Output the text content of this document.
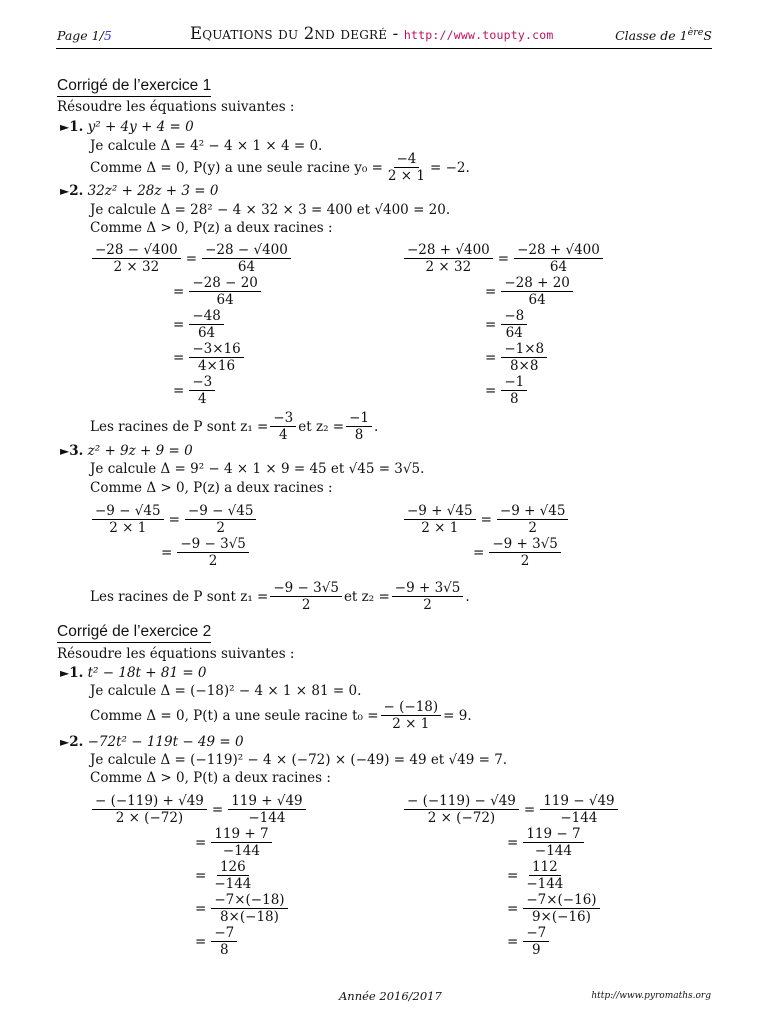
Page 1/5	Equations du 2nd degré - http://www.toupty.com	Classe de 1èreS
Corrigé de l’exercice 1
Résoudre les équations suivantes :
►1. y² + 4y + 4 = 0
Je calcule Δ = 4² − 4 × 1 × 4 = 0.
Comme Δ = 0, P(y) a une seule racine $y_0 = \frac{-4}{2 \times 1} = -2$.
►2. 32z² + 28z + 3 = 0
Je calcule Δ = 28² − 4 × 32 × 3 = 400 et √400 = 20.
Comme Δ > 0, P(z) a deux racines :
$\frac{-28 - √400}{2 \times 32} = \frac{-28 - √400}{64}$
= $\frac{-28 - 20}{64}$
= $\frac{-48}{64}$
= $\frac{-3\times 16}{4\times 16}$
= $\frac{-3}{4}$
$\frac{-28 + √400}{2 \times 32} = \frac{-28 + √400}{64}$
= $\frac{-28 + 20}{64}$
= $\frac{-8}{64}$
= $\frac{-1\times 8}{8\times 8}$
= $\frac{-1}{8}$
Les racines de P sont $z_1 = \frac{-3}{4}$ et $z_2 = \frac{-1}{8}$ .
►3. z² + 9z + 9 = 0
Je calcule Δ = 9² − 4 × 1 × 9 = 45 et √45 = 3√5.
Comme Δ > 0, P(z) a deux racines :
$\frac{-9 - √45}{2 \times 1} = \frac{-9 - √45}{2}$
= $\frac{-9 - 3√5}{2}$
$\frac{-9 + √45}{2 \times 1} = \frac{-9 + √45}{2}$
= $\frac{-9 + 3√5}{2}$
Les racines de P sont $z_1 = \frac{-9 - 3√5}{2}$ et $z_2 = \frac{-9 + 3√5}{2}$ .
Corrigé de l’exercice 2
Résoudre les équations suivantes :
►1. t² − 18t + 81 = 0
Je calcule Δ = (−18)² − 4 × 1 × 81 = 0.
Comme Δ = 0, P(t) a une seule racine $t_0 = \frac{- (-18)}{2 \times 1} = 9$.
►2. −72t² − 119t − 49 = 0
Je calcule Δ = (−119)² − 4 × (−72) × (−49) = 49 et √49 = 7.
Comme Δ > 0, P(t) a deux racines :
$\frac{- (-119) + √49}{2 \times (-72)} = \frac{119 + √49}{-144}$
= $\frac{119 + 7}{-144}$
= $\frac{126}{-144}$
= $\frac{-7\times(-18)}{8\times(-18)}$
= $\frac{-7}{8}$
$\frac{- (-119) - √49}{2 \times (-72)} = \frac{119 - √49}{-144}$
= $\frac{119 - 7}{-144}$
= $\frac{112}{-144}$
= $\frac{-7\times(-16)}{9\times(-16)}$
= $\frac{-7}{9}$
Année 2016/2017	http://www.pyromaths.org
